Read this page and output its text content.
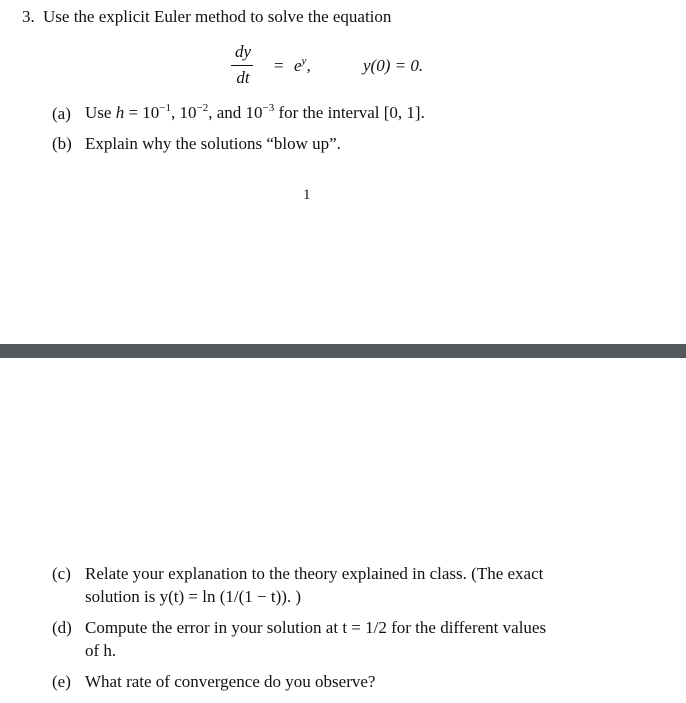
3. Use the explicit Euler method to solve the equation
dy
dt
= $e^y$,	y(0) = 0.
(a) Use $h = 10^{-1}$, $10^{-2}$, and $10^{-3}$ for the interval [0, 1].
(b) Explain why the solutions “blow up”.
1
(c) Relate your explanation to the theory explained in class. (The exact
solution is y(t) = ln (1/(1 − t)). )
(d) Compute the error in your solution at t = 1/2 for the different values
of h.
(e) What rate of convergence do you observe?
